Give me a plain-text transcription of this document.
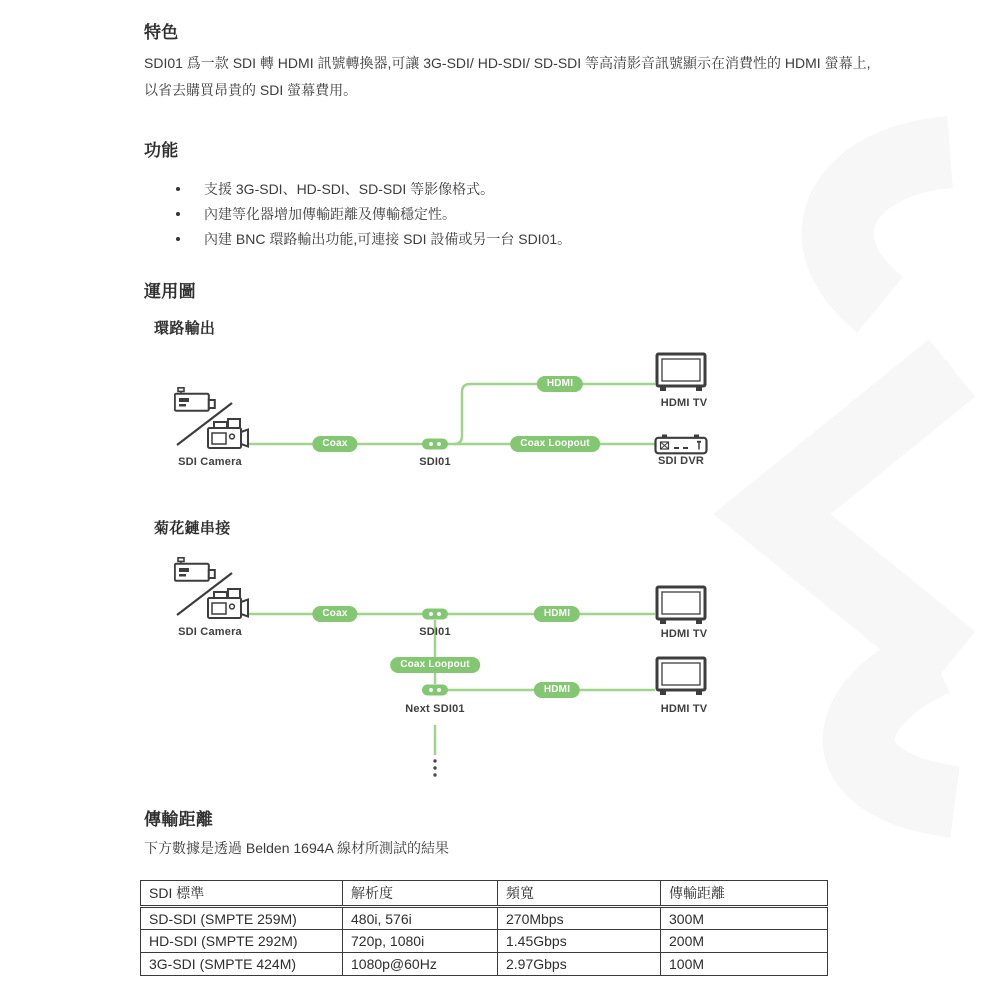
特色
SDI01 爲一款 SDI 轉 HDMI 訊號轉換器,可讓 3G-SDI/ HD-SDI/ SD-SDI 等高清影音訊號顯示在消費性的 HDMI 螢幕上,
以省去購買昂貴的 SDI 螢幕費用。
功能
支援 3G-SDI、HD-SDI、SD-SDI 等影像格式。
內建等化器增加傳輸距離及傳輸穩定性。
內建 BNC 環路輸出功能,可連接 SDI 設備或另一台 SDI01。
運用圖
環路輸出
Coax
HDMI
Coax Loopout
SDI Camera	SDI01
HDMI TV
SDI DVR
菊花鏈串接
Coax	HDMI
Coax Loopout
HDMI
SDI Camera	SDI01	HDMI TV
Next SDI01	HDMI TV
傳輸距離
下方數據是透過 Belden 1694A 線材所測試的結果
SDI 標準	解析度	頻寬	傳輸距離
SD-SDI (SMPTE 259M)	480i, 576i	270Mbps	300M
HD-SDI (SMPTE 292M)	720p, 1080i	1.45Gbps	200M
3G-SDI (SMPTE 424M)	1080p@60Hz	2.97Gbps	100M
